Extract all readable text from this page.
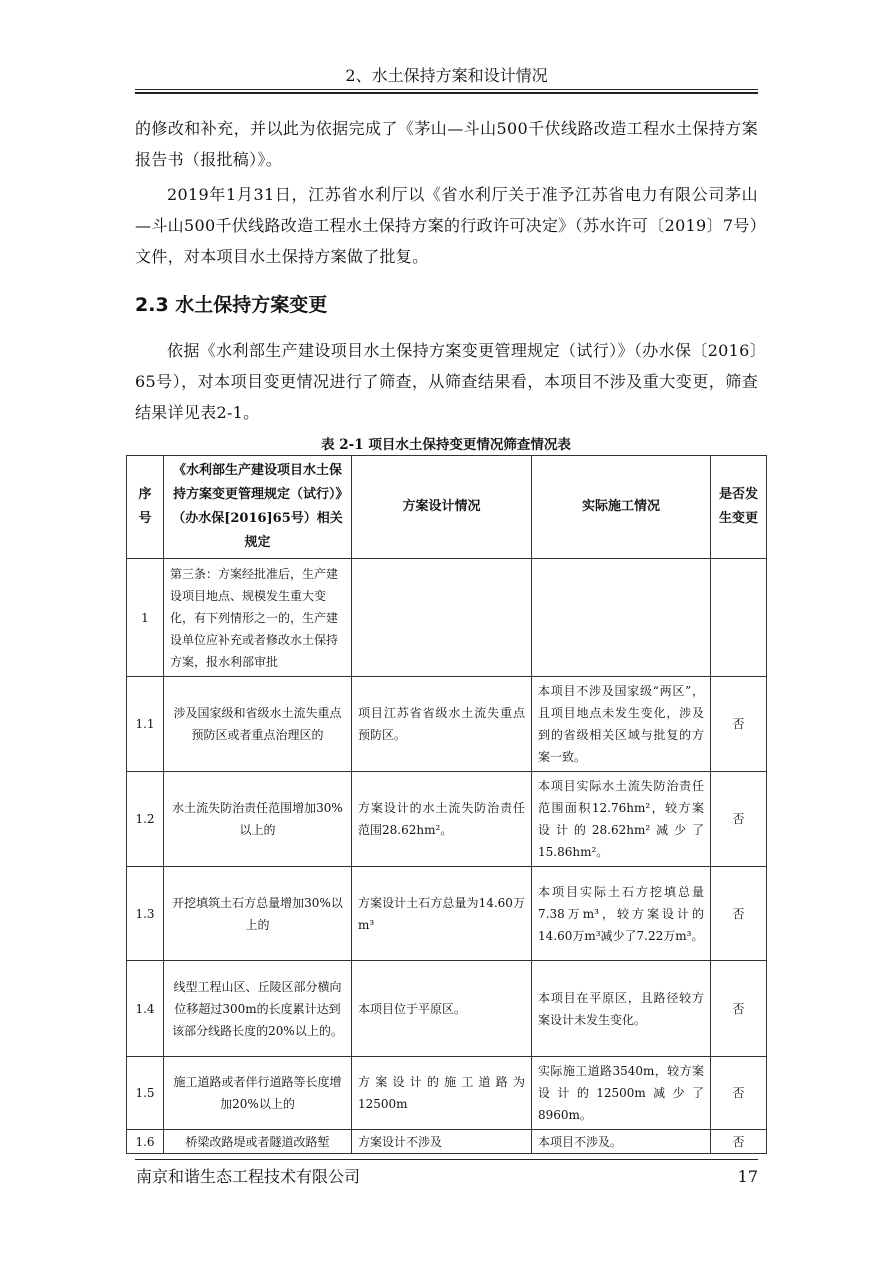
2、水土保持方案和设计情况

的修改和补充，并以此为依据完成了《茅山—斗山500千伏线路改造工程水土保持方案报告书（报批稿）》。

2019年1月31日，江苏省水利厅以《省水利厅关于准予江苏省电力有限公司茅山—斗山500千伏线路改造工程水土保持方案的行政许可决定》（苏水许可〔2019〕7号）文件，对本项目水土保持方案做了批复。

2.3 水土保持方案变更

依据《水利部生产建设项目水土保持方案变更管理规定（试行）》（办水保〔2016〕65号），对本项目变更情况进行了筛查，从筛查结果看，本项目不涉及重大变更，筛查结果详见表2-1。

表 2-1 项目水土保持变更情况筛查情况表
序号	《水利部生产建设项目水土保持方案变更管理规定（试行）》（办水保[2016]65号）相关规定	方案设计情况	实际施工情况	是否发生变更
1	第三条：方案经批准后，生产建设项目地点、规模发生重大变化，有下列情形之一的，生产建设单位应补充或者修改水土保持方案，报水利部审批			
1.1	涉及国家级和省级水土流失重点预防区或者重点治理区的	项目江苏省省级水土流失重点预防区。	本项目不涉及国家级“两区”，且项目地点未发生变化，涉及到的省级相关区域与批复的方案一致。	否
1.2	水土流失防治责任范围增加30%以上的	方案设计的水土流失防治责任范围28.62hm²。	本项目实际水土流失防治责任范围面积12.76hm²，较方案设计的28.62hm²减少了15.86hm²。	否
1.3	开挖填筑土石方总量增加30%以上的	方案设计土石方总量为14.60万m³	本项目实际土石方挖填总量7.38万m³，较方案设计的14.60万m³减少了7.22万m³。	否
1.4	线型工程山区、丘陵区部分横向位移超过300m的长度累计达到该部分线路长度的20%以上的。	本项目位于平原区。	本项目在平原区，且路径较方案设计未发生变化。	否
1.5	施工道路或者伴行道路等长度增加20%以上的	方案设计的施工道路为12500m	实际施工道路3540m，较方案设计的12500m减少了8960m。	否
1.6	桥梁改路堤或者隧道改路堑	方案设计不涉及	本项目不涉及。	否
南京和谐生态工程技术有限公司	17
